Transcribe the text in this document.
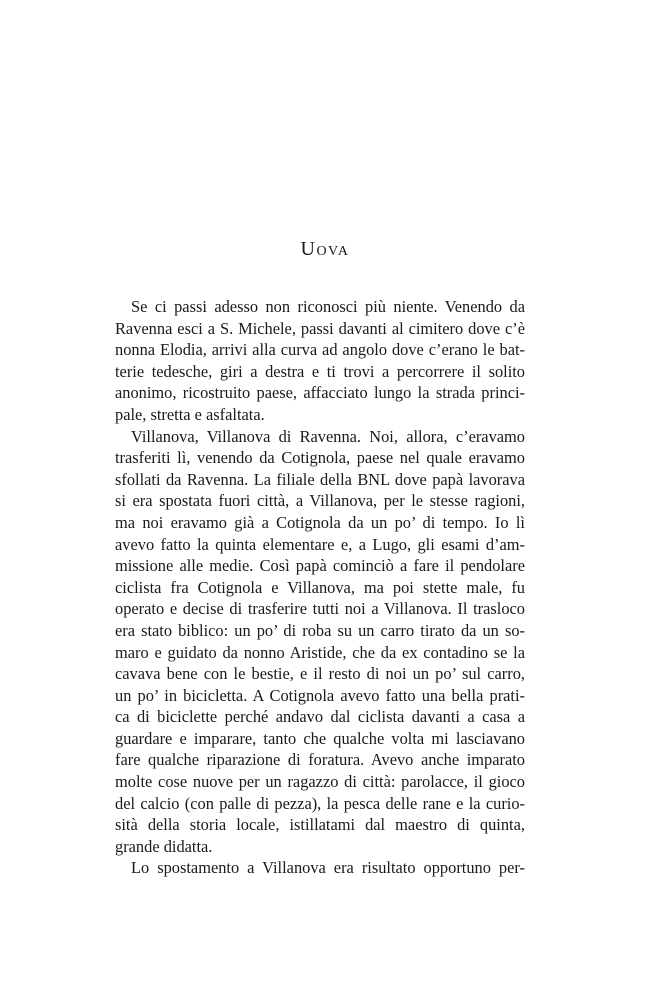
Uova
Se ci passi adesso non riconosci più niente. Venendo da
Ravenna esci a S. Michele, passi davanti al cimitero dove c’è
nonna Elodia, arrivi alla curva ad angolo dove c’erano le bat-
terie tedesche, giri a destra e ti trovi a percorrere il solito
anonimo, ricostruito paese, affacciato lungo la strada princi-
pale, stretta e asfaltata.
Villanova, Villanova di Ravenna. Noi, allora, c’eravamo
trasferiti lì, venendo da Cotignola, paese nel quale eravamo
sfollati da Ravenna. La filiale della BNL dove papà lavorava
si era spostata fuori città, a Villanova, per le stesse ragioni,
ma noi eravamo già a Cotignola da un po’ di tempo. Io lì
avevo fatto la quinta elementare e, a Lugo, gli esami d’am-
missione alle medie. Così papà cominciò a fare il pendolare
ciclista fra Cotignola e Villanova, ma poi stette male, fu
operato e decise di trasferire tutti noi a Villanova. Il trasloco
era stato biblico: un po’ di roba su un carro tirato da un so-
maro e guidato da nonno Aristide, che da ex contadino se la
cavava bene con le bestie, e il resto di noi un po’ sul carro,
un po’ in bicicletta. A Cotignola avevo fatto una bella prati-
ca di biciclette perché andavo dal ciclista davanti a casa a
guardare e imparare, tanto che qualche volta mi lasciavano
fare qualche riparazione di foratura. Avevo anche imparato
molte cose nuove per un ragazzo di città: parolacce, il gioco
del calcio (con palle di pezza), la pesca delle rane e la curio-
sità della storia locale, istillatami dal maestro di quinta,
grande didatta.
Lo spostamento a Villanova era risultato opportuno per-
